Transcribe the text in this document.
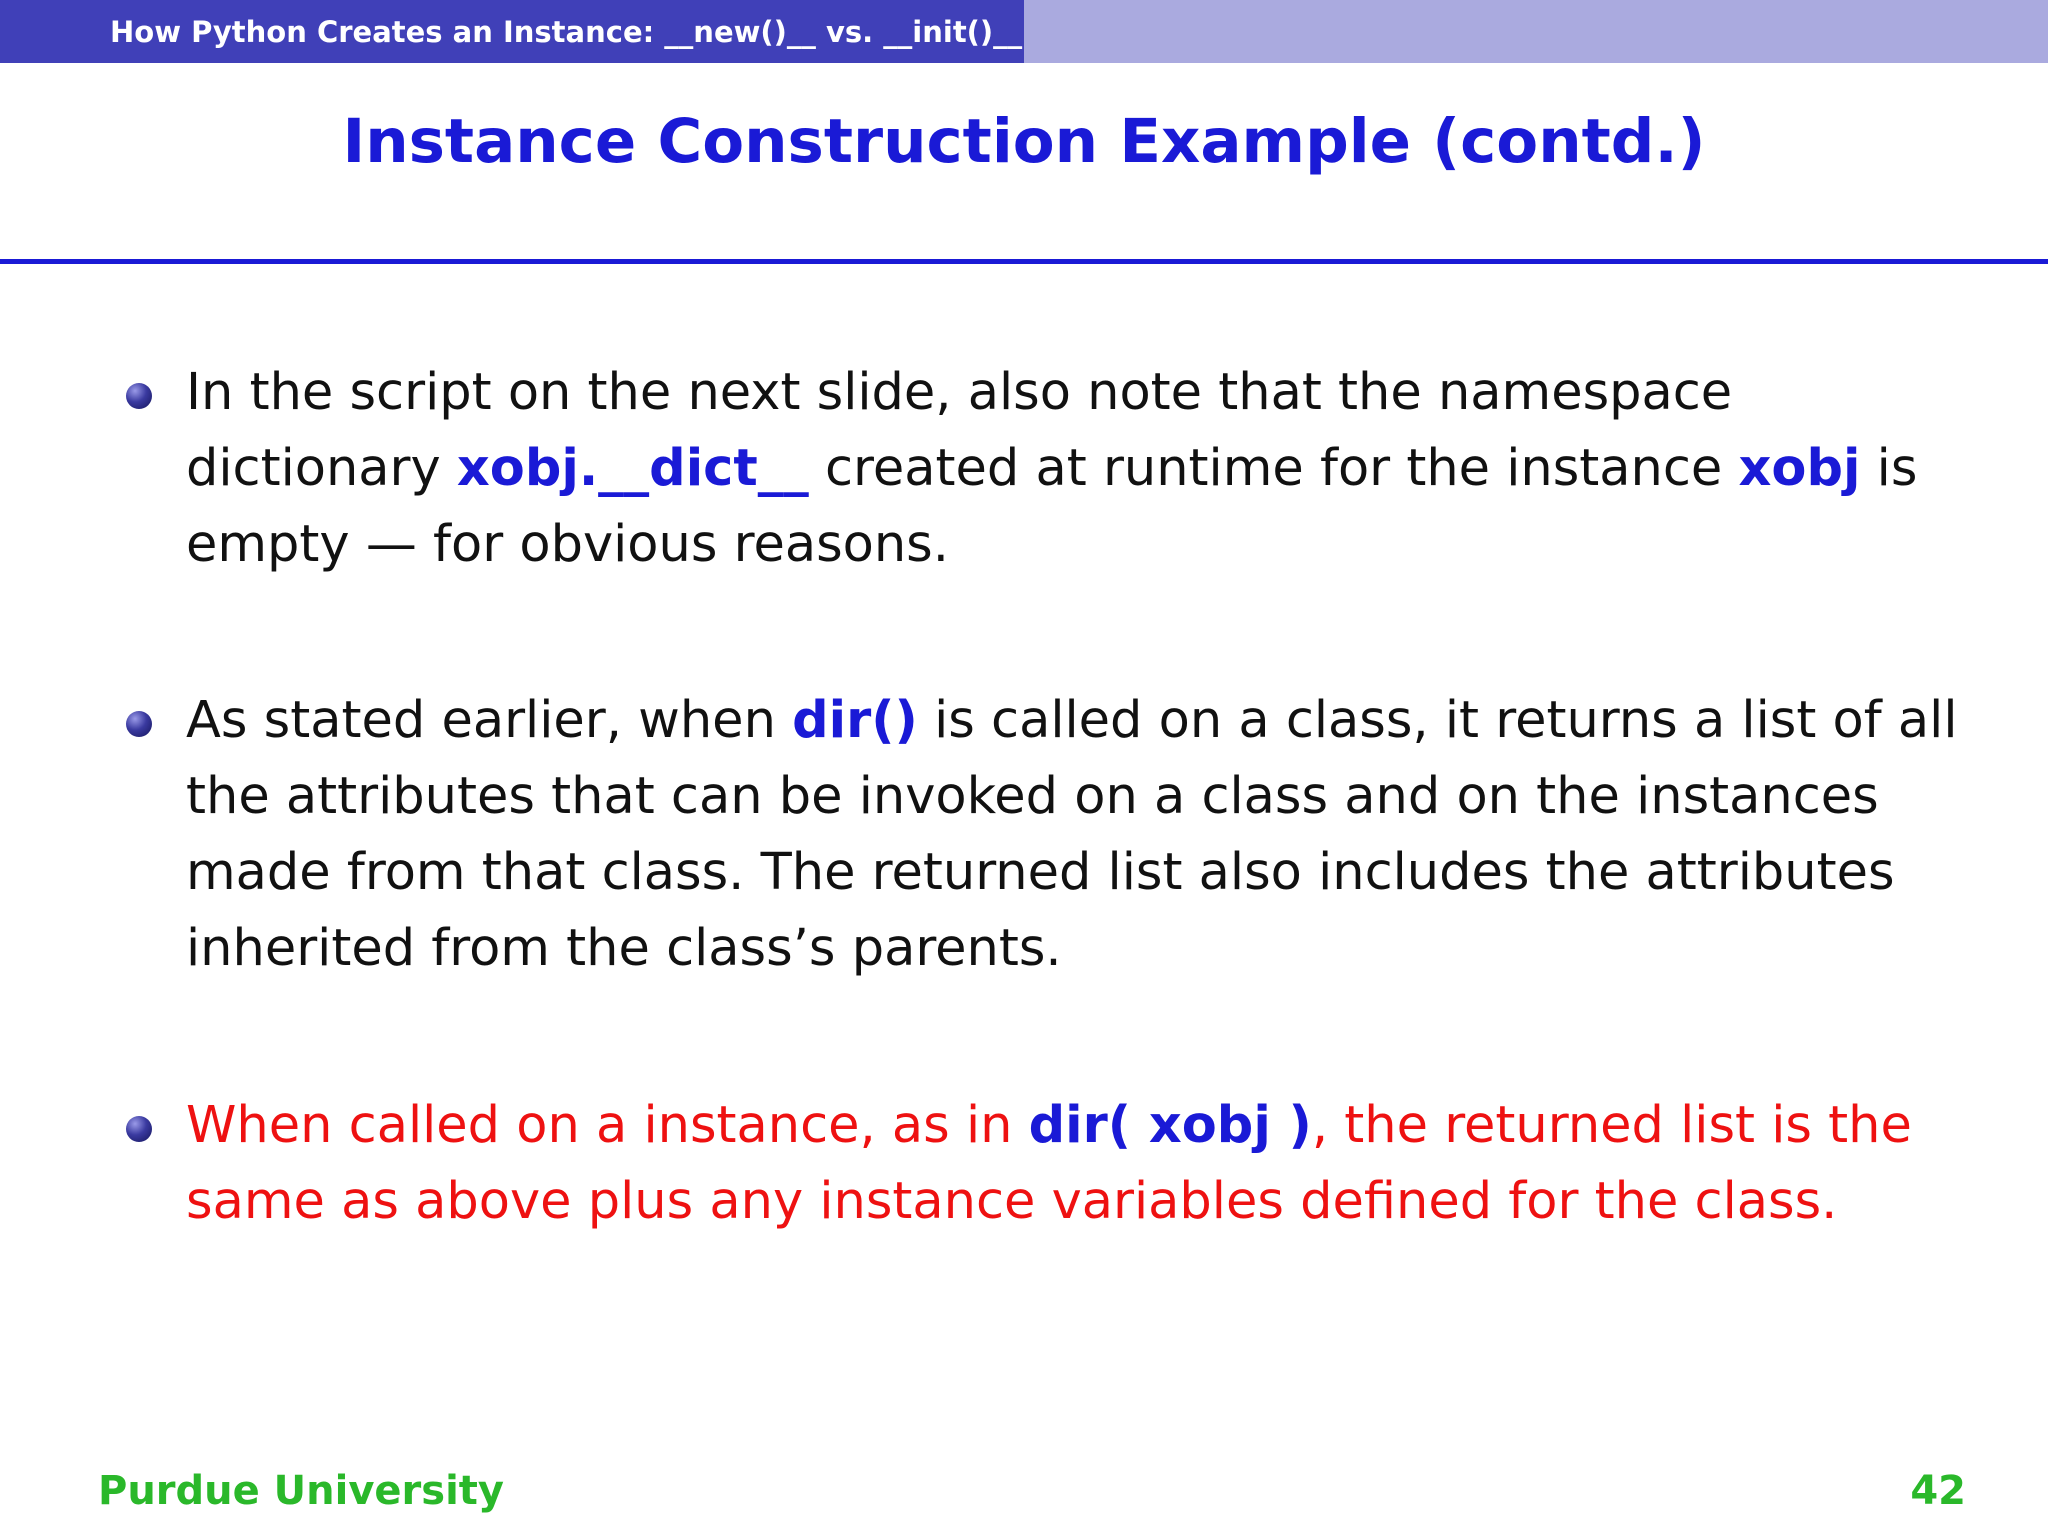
How Python Creates an Instance: __new()__ vs. __init()__
Instance Construction Example (contd.)
In the script on the next slide, also note that the namespace
dictionary xobj.__dict__ created at runtime for the instance xobj is
empty — for obvious reasons.
As stated earlier, when dir() is called on a class, it returns a list of all
the attributes that can be invoked on a class and on the instances
made from that class. The returned list also includes the attributes
inherited from the class’s parents.
When called on a instance, as in dir( xobj ), the returned list is the
same as above plus any instance variables defined for the class.
Purdue University	42
